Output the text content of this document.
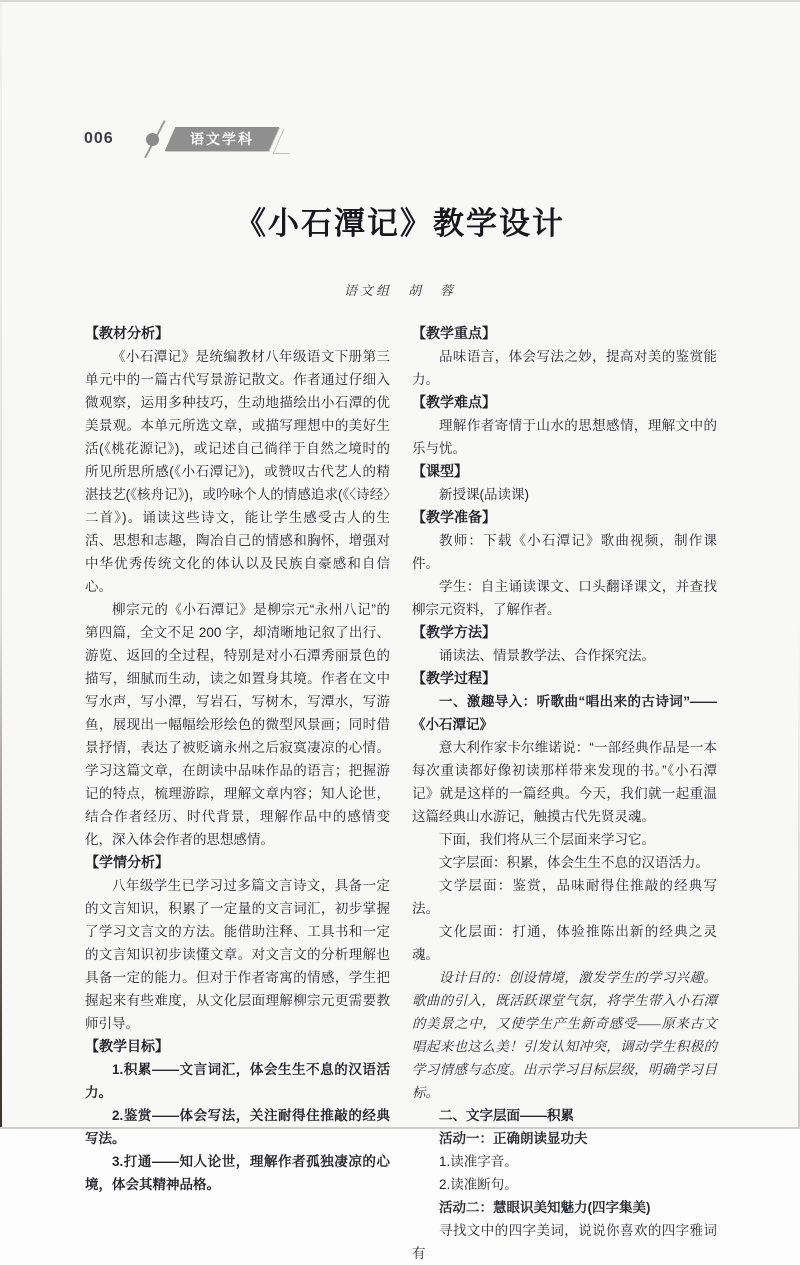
006	语文学科
《小石潭记》教学设计
语文组　胡　蓉

【教材分析】

《小石潭记》是统编教材八年级语文下册第三单元中的一篇古代写景游记散文。作者通过仔细入微观察，运用多种技巧，生动地描绘出小石潭的优美景观。本单元所选文章，或描写理想中的美好生活(《桃花源记》)，或记述自己徜徉于自然之境时的所见所思所感(《小石潭记》)，或赞叹古代艺人的精湛技艺(《核舟记》)，或吟咏个人的情感追求(《〈诗经〉二首》)。诵读这些诗文，能让学生感受古人的生活、思想和志趣，陶冶自己的情感和胸怀，增强对中华优秀传统文化的体认以及民族自豪感和自信心。

柳宗元的《小石潭记》是柳宗元“永州八记”的第四篇，全文不足 200 字，却清晰地记叙了出行、游览、返回的全过程，特别是对小石潭秀丽景色的描写，细腻而生动，读之如置身其境。作者在文中写水声，写小潭，写岩石，写树木，写潭水，写游鱼，展现出一幅幅绘形绘色的微型风景画；同时借景抒情，表达了被贬谪永州之后寂寞凄凉的心情。学习这篇文章，在朗读中品味作品的语言；把握游记的特点，梳理游踪，理解文章内容；知人论世，结合作者经历、时代背景，理解作品中的感情变化，深入体会作者的思想感情。

【学情分析】

八年级学生已学习过多篇文言诗文，具备一定的文言知识，积累了一定量的文言词汇，初步掌握了学习文言文的方法。能借助注释、工具书和一定的文言知识初步读懂文章。对文言文的分析理解也具备一定的能力。但对于作者寄寓的情感，学生把握起来有些难度，从文化层面理解柳宗元更需要教师引导。

【教学目标】

1.积累——文言词汇，体会生生不息的汉语活力。

2.鉴赏——体会写法，关注耐得住推敲的经典写法。

3.打通——知人论世，理解作者孤独凄凉的心境，体会其精神品格。

【教学重点】

品味语言，体会写法之妙，提高对美的鉴赏能力。

【教学难点】

理解作者寄情于山水的思想感情，理解文中的乐与忧。

【课型】

新授课(品读课)

【教学准备】

教师：下载《小石潭记》歌曲视频，制作课件。

学生：自主诵读课文、口头翻译课文，并查找柳宗元资料，了解作者。

【教学方法】

诵读法、情景教学法、合作探究法。

【教学过程】

一、激趣导入：听歌曲“唱出来的古诗词”——《小石潭记》

意大利作家卡尔维诺说：“一部经典作品是一本每次重读都好像初读那样带来发现的书。”《小石潭记》就是这样的一篇经典。今天，我们就一起重温这篇经典山水游记，触摸古代先贤灵魂。

下面，我们将从三个层面来学习它。

文字层面：积累，体会生生不息的汉语活力。

文学层面：鉴赏，品味耐得住推敲的经典写法。

文化层面：打通，体验推陈出新的经典之灵魂。

设计目的：创设情境，激发学生的学习兴趣。歌曲的引入，既活跃课堂气氛，将学生带入小石潭的美景之中，又使学生产生新奇感受——原来古文唱起来也这么美！引发认知冲突，调动学生积极的学习情感与态度。出示学习目标层级，明确学习目标。

二、文字层面——积累

活动一：正确朗读显功夫

1.读准字音。

2.读准断句。

活动二：慧眼识美知魅力(四字集美)

寻找文中的四字美词，说说你喜欢的四字雅词有
